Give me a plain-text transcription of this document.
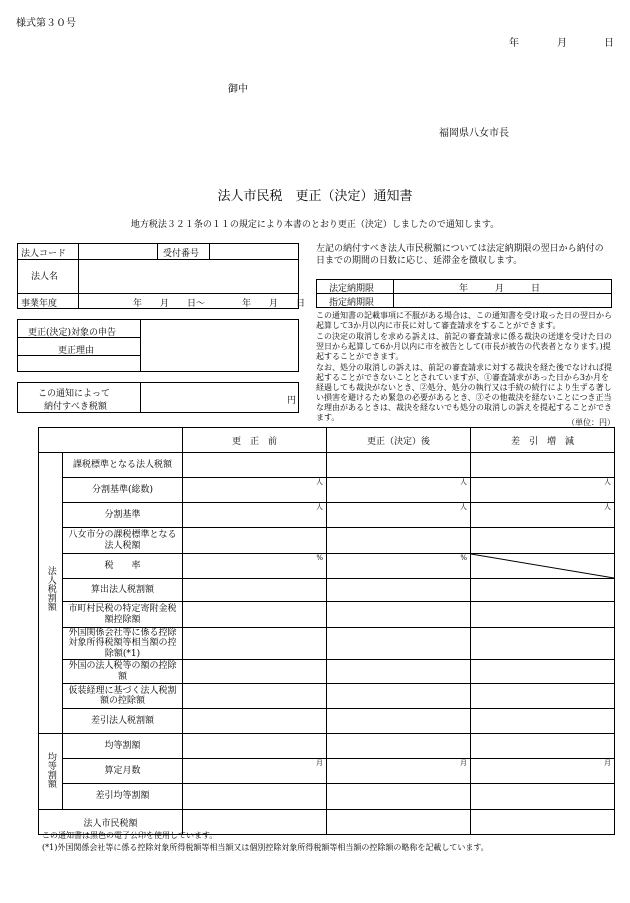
様式第３０号
年	月	日
御中
福岡県八女市長
法人市民税　更正（決定）通知書
地方税法３２１条の１１の規定により本書のとおり更正（決定）しましたので通知します。
法人コード	受付番号
法人名
事業年度	年　　月　　日〜	年　　月　　日
更正(決定)対象の申告
更正理由
この通知によって
納付すべき税額
円
左記の納付すべき法人市民税額については法定納期限の翌日から納付の日までの期間の日数に応じ、延滞金を徴収します。
法定納期限	年　　　月　　　日
指定納期限
この通知書の記載事項に不服がある場合は、この通知書を受け取った日の翌日から起算して3か月以内に市長に対して審査請求をすることができます。
この決定の取消しを求める訴えは、前記の審査請求に係る裁決の送達を受けた日の翌日から起算して6か月以内に市を被告として(市長が被告の代表者となります。)提起することができます。
なお、処分の取消しの訴えは、前記の審査請求に対する裁決を経た後でなければ提起することができないこととされていますが、①審査請求があった日から3か月を経過しても裁決がないとき、②処分、処分の執行又は手続の続行により生ずる著しい損害を避けるため緊急の必要があるとき、③その他裁決を経ないことにつき正当な理由があるときは、裁決を経ないでも処分の取消しの訴えを提起することができます。
（単位：円）
		更　正　前	更正（決定）後	差　引　増　減
法人税割額	課税標準となる法人税額	

	分割基準(総数)	人	人	人

	分割基準	人	人	人

	八女市分の課税標準となる法人税額	

	税　　率	%	%

	算出法人税割額	

	市町村民税の特定寄附金税額控除額	

	外国関係会社等に係る控除対象所得税額等相当額の控除額(*1)	

	外国の法人税等の額の控除額	

	仮装経理に基づく法人税割額の控除額	

	差引法人税割額	

均等割額	均等割額	

	算定月数	月	月	月

	差引均等割額	

法人市民税額				
この通知書は黒色の電子公印を使用しています。
(*1)外国関係会社等に係る控除対象所得税額等相当額又は個別控除対象所得税額等相当額の控除額の略称を記載しています。
